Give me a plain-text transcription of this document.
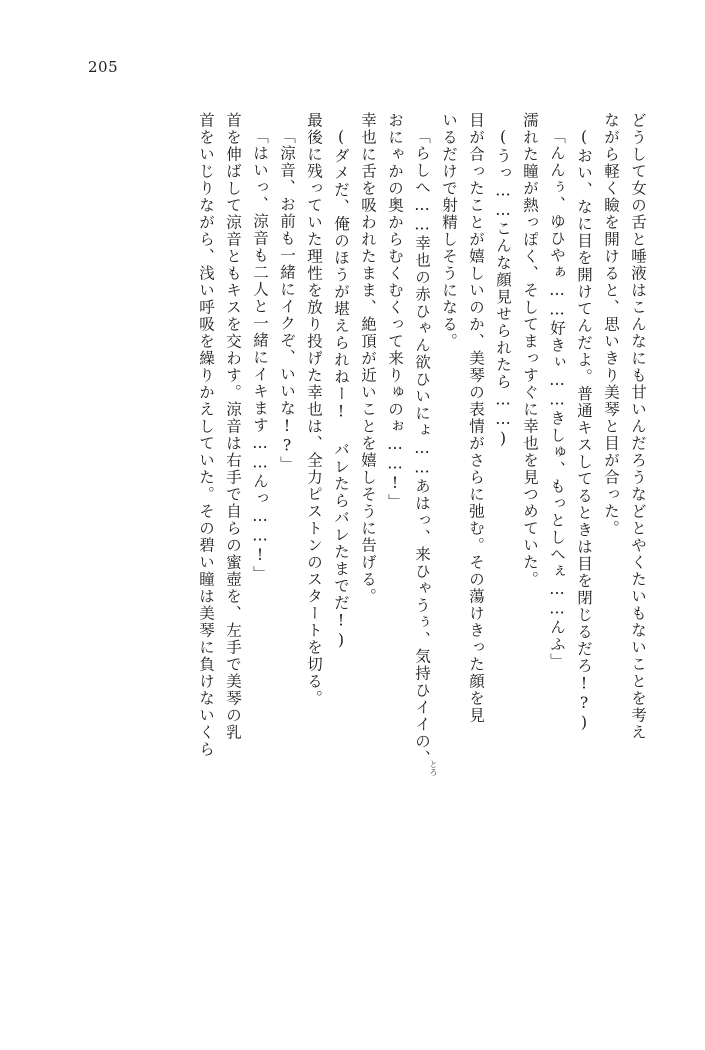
205
どうして女の舌と唾液はこんなにも甘いんだろうなどとやくたいもないことを考え
ながら軽く瞼を開けると、思いきり美琴と目が合った。
(おい、なに目を開けてんだよ。普通キスしてるときは目を閉じるだろ!?)
「んんぅ、ゆひやぁ……好きぃ……きしゅ、もっとしへぇ……んふ」
濡れた瞳が熱っぽく、そしてまっすぐに幸也を見つめていた。
(うっ……こんな顔見せられたら……)
目が合ったことが嬉しいのか、美琴の表情がさらに弛む。その蕩けきった顔を見
いるだけで射精しそうになる。
「らしへ……幸也の赤ひゃん欲ひいにょ……あはっ、来ひゃうぅ、気持ひイイの、
おにゃかの奥からむくむくって来りゅのぉ……!」
幸也に舌を吸われたまま、絶頂が近いことを嬉しそうに告げる。
(ダメだ、俺のほうが堪えられねー! バレたらバレたまでだ!)
最後に残っていた理性を放り投げた幸也は、全力ピストンのスタートを切る。
「涼音、お前も一緒にイクぞ、いいな!?」
「はいっ、涼音も二人と一緒にイキます……んっ……!」
首を伸ばして涼音ともキスを交わす。涼音は右手で自らの蜜壺を、左手で美琴の乳
首をいじりながら、浅い呼吸を繰りかえしていた。その碧い瞳は美琴に負けないくら
とろ
